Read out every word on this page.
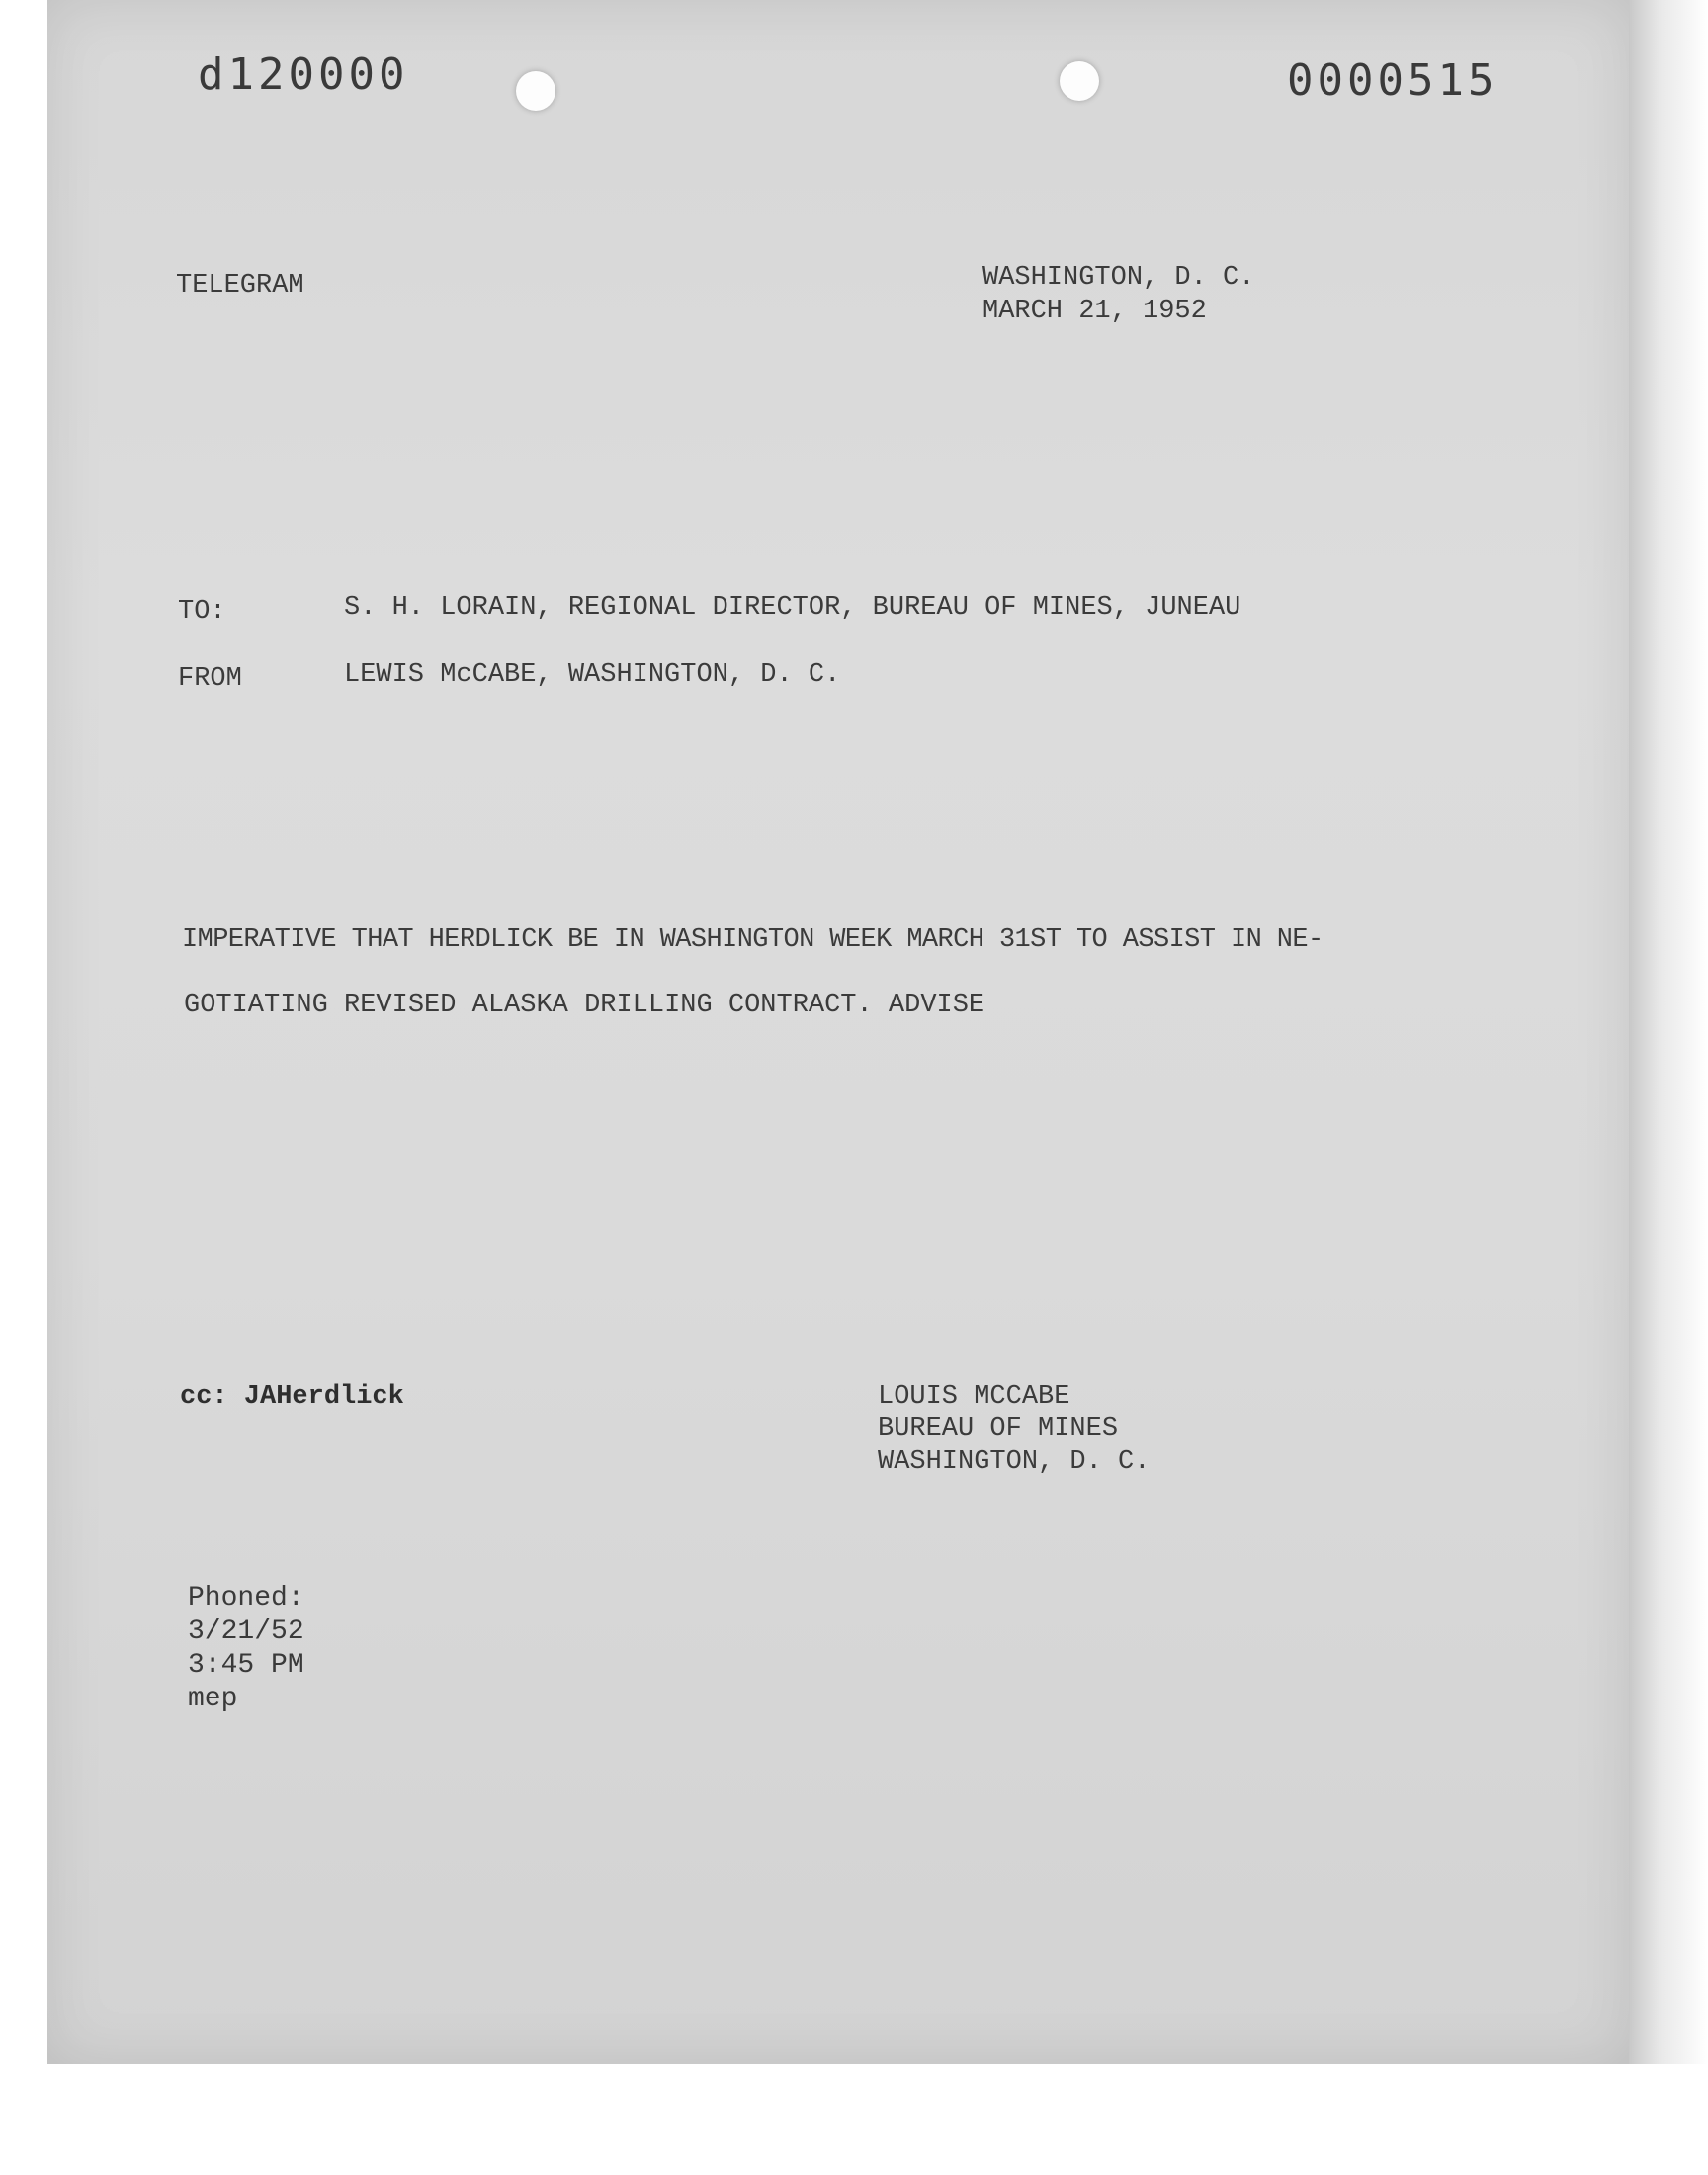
d120000	0000515
TELEGRAM	WASHINGTON, D. C.
MARCH 21, 1952
TO:	S. H. LORAIN, REGIONAL DIRECTOR, BUREAU OF MINES, JUNEAU
FROM	LEWIS McCABE, WASHINGTON, D. C.
IMPERATIVE THAT HERDLICK BE IN WASHINGTON WEEK MARCH 31ST TO ASSIST IN NE-
GOTIATING REVISED ALASKA DRILLING CONTRACT. ADVISE
cc: JAHerdlick	LOUIS MCCABE
BUREAU OF MINES
WASHINGTON, D. C.
Phoned:
3/21/52
3:45 PM
mep
